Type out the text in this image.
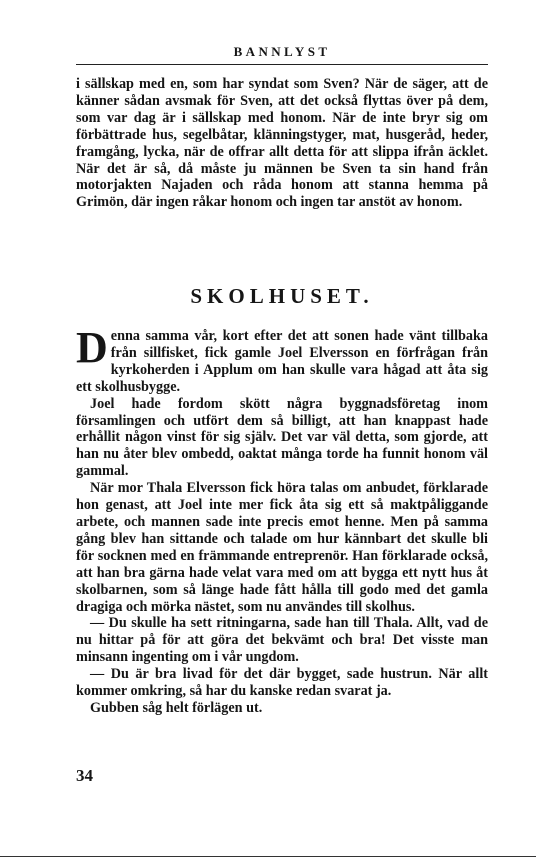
BANNLYST

i sällskap med en, som har syndat som Sven? När de säger, att de känner sådan avsmak för Sven, att det också flyttas över på dem, som var dag är i sällskap med honom. När de inte bryr sig om förbättrade hus, segelbåtar, klänningstyger, mat, husgeråd, heder, framgång, lycka, när de offrar allt detta för att slippa ifrån äcklet. När det är så, då måste ju männen be Sven ta sin hand från motorjakten Najaden och råda honom att stanna hemma på Grimön, där ingen råkar honom och ingen tar anstöt av honom.

SKOLHUSET.

Denna samma vår, kort efter det att sonen hade vänt tillbaka från sillfisket, fick gamle Joel Elversson en förfrågan från kyrkoherden i Applum om han skulle vara hågad att åta sig ett skolhusbygge.

Joel hade fordom skött några byggnadsföretag inom församlingen och utfört dem så billigt, att han knappast hade erhållit någon vinst för sig själv. Det var väl detta, som gjorde, att han nu åter blev ombedd, oaktat många torde ha funnit honom väl gammal.

När mor Thala Elversson fick höra talas om anbudet, förklarade hon genast, att Joel inte mer fick åta sig ett så maktpåliggande arbete, och mannen sade inte precis emot henne. Men på samma gång blev han sittande och talade om hur kännbart det skulle bli för socknen med en främmande entreprenör. Han förklarade också, att han bra gärna hade velat vara med om att bygga ett nytt hus åt skolbarnen, som så länge hade fått hålla till godo med det gamla dragiga och mörka nästet, som nu användes till skolhus.

— Du skulle ha sett ritningarna, sade han till Thala. Allt, vad de nu hittar på för att göra det bekvämt och bra! Det visste man minsann ingenting om i vår ungdom.

— Du är bra livad för det där bygget, sade hustrun. När allt kommer omkring, så har du kanske redan svarat ja.

Gubben såg helt förlägen ut.

34
